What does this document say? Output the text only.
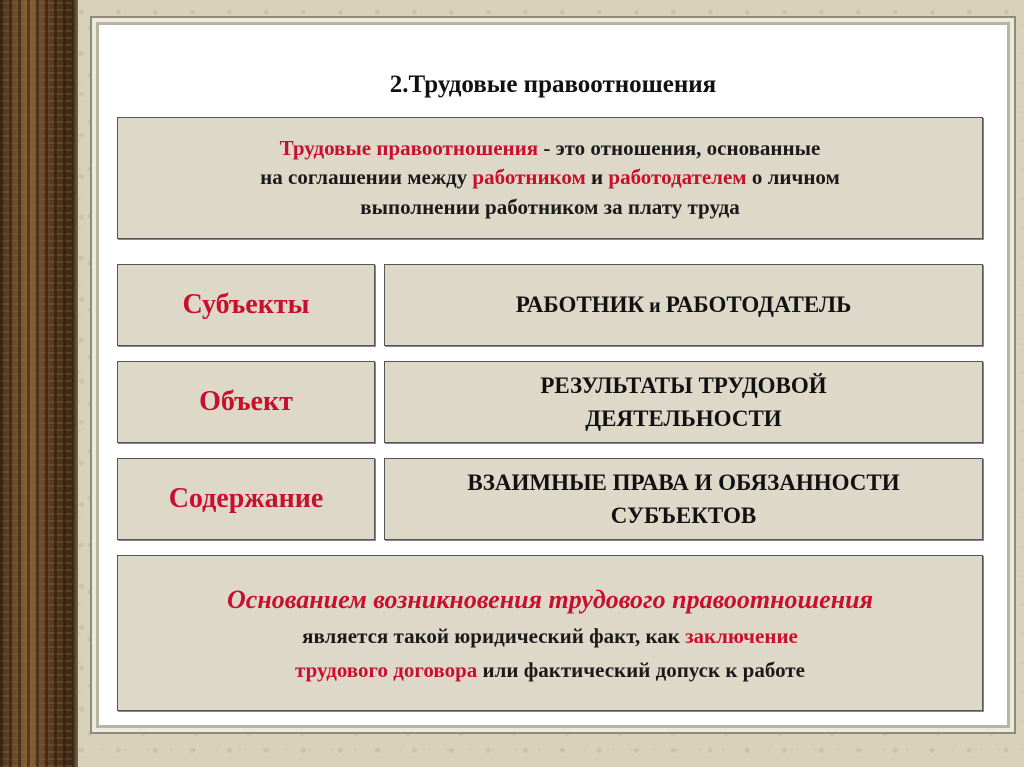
2.Трудовые правоотношения
Трудовые правоотношения - это отношения, основанные
на соглашении между работником и работодателем о личном
выполнении работником за плату труда
Субъекты	РАБОТНИК и РАБОТОДАТЕЛЬ
Объект
РЕЗУЛЬТАТЫ ТРУДОВОЙ
ДЕЯТЕЛЬНОСТИ
Содержание
ВЗАИМНЫЕ ПРАВА И ОБЯЗАННОСТИ
СУБЪЕКТОВ
Основанием возникновения трудового правоотношения
является такой юридический факт, как заключение
трудового договора или фактический допуск к работе
